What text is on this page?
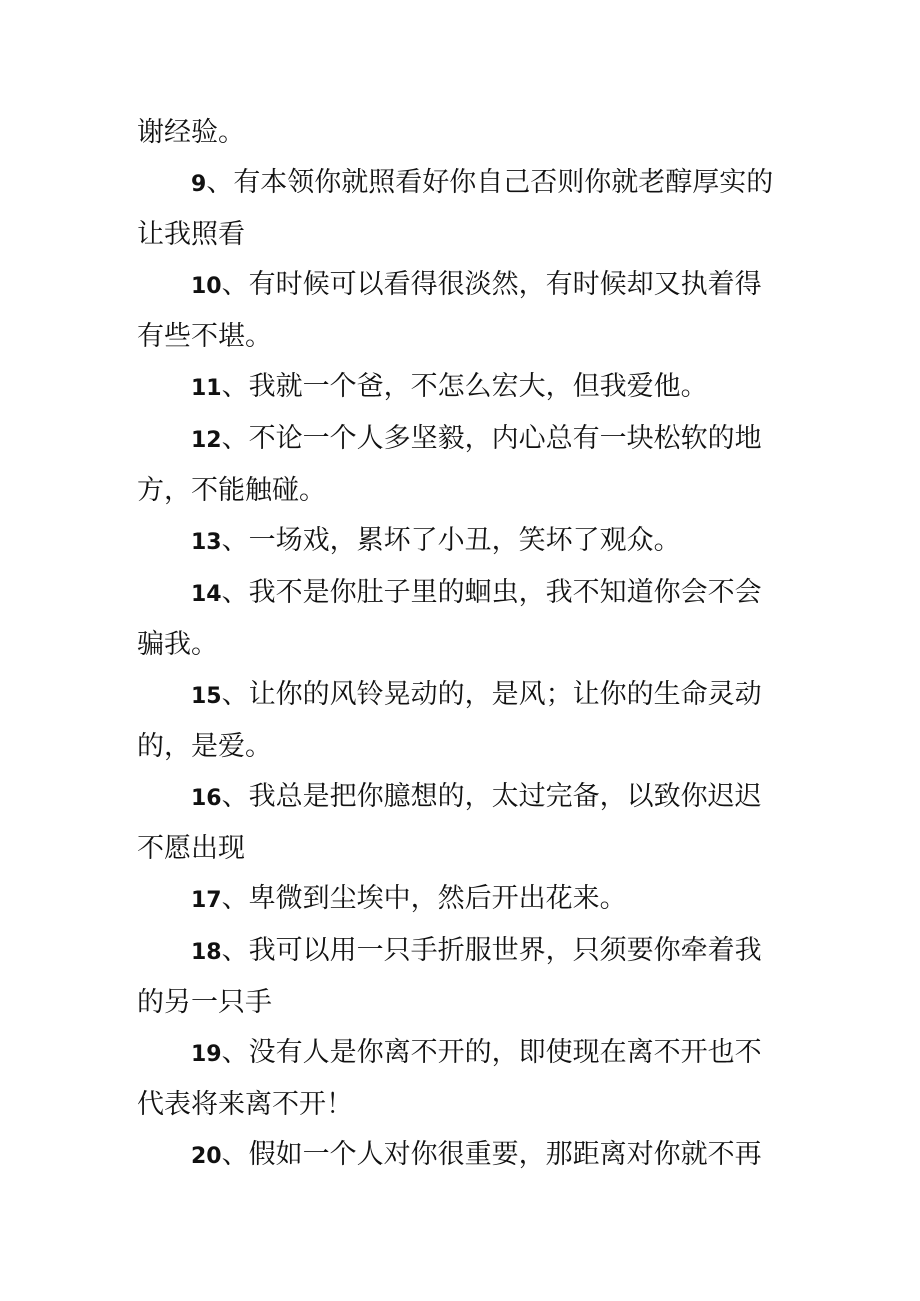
谢经验。

9、有本领你就照看好你自己否则你就老醇厚实的让我照看

10、有时候可以看得很淡然，有时候却又执着得有些不堪。

11、我就一个爸，不怎么宏大，但我爱他。

12、不论一个人多坚毅，内心总有一块松软的地方，不能触碰。

13、一场戏，累坏了小丑，笑坏了观众。

14、我不是你肚子里的蛔虫，我不知道你会不会骗我。

15、让你的风铃晃动的，是风；让你的生命灵动的，是爱。

16、我总是把你臆想的，太过完备，以致你迟迟不愿出现

17、卑微到尘埃中，然后开出花来。

18、我可以用一只手折服世界，只须要你牵着我的另一只手

19、没有人是你离不开的，即使现在离不开也不代表将来离不开！

20、假如一个人对你很重要，那距离对你就不再
